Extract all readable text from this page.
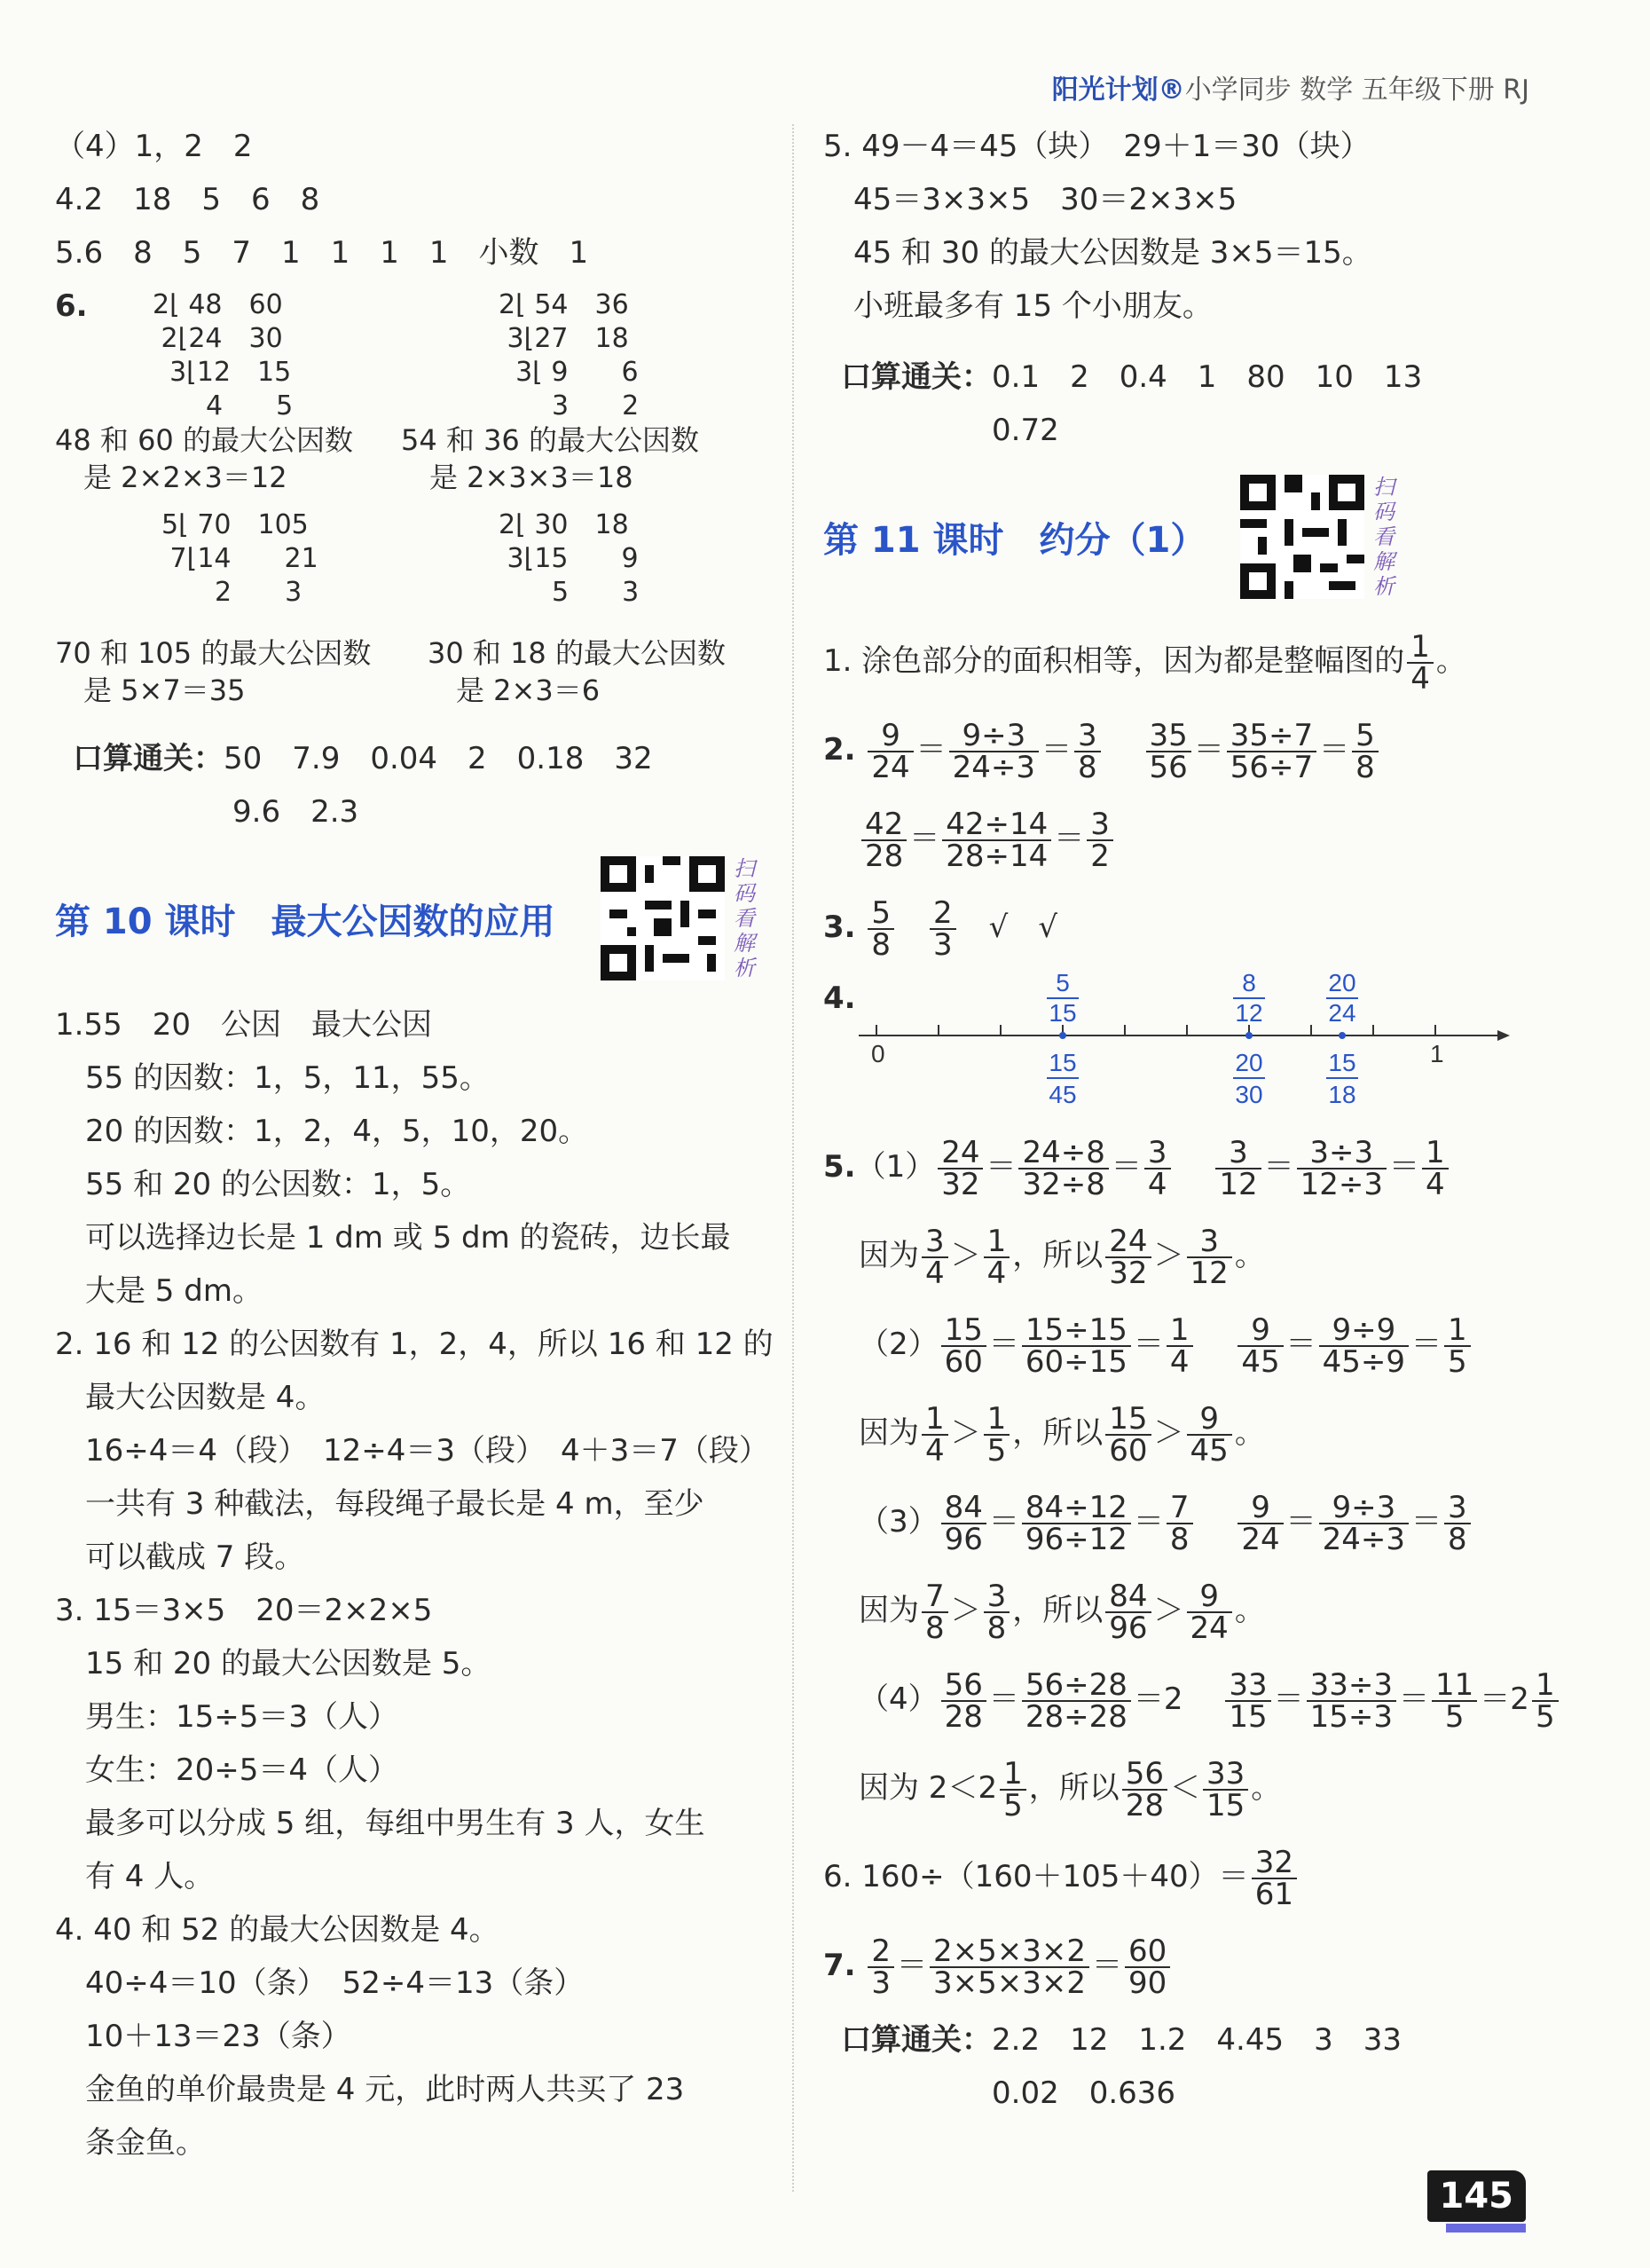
阳光计划®小学同步 数学 五年级下册 RJ
（4）1，2　2
4.2　18　5　6　8
5.6　8　5　7　1　1　1　1　小数　1
6. 2⌊ 48　60
2⌊24　30
3⌊12　15
　　4　　5
2⌊ 54　36
3⌊27　18
3⌊ 9　　6
　　3　　2
48 和 60 的最大公因数
　是 2×2×3＝12
54 和 36 的最大公因数
　是 2×3×3＝18
5⌊ 70　105
7⌊14　　21
　　2　　3
2⌊ 30　18
3⌊15　　9
　　5　　3
70 和 105 的最大公因数
　是 5×7＝35
30 和 18 的最大公因数
　是 2×3＝6
口算通关：50　7.9　0.04　2　0.18　32
9.6　2.3
第 10 课时　最大公因数的应用
扫
码
看
解
析
1.55　20　公因　最大公因
　55 的因数：1，5，11，55。
　20 的因数：1，2，4，5，10，20。
　55 和 20 的公因数：1，5。
　可以选择边长是 1 dm 或 5 dm 的瓷砖，边长最
　大是 5 dm。
2. 16 和 12 的公因数有 1，2，4，所以 16 和 12 的
　最大公因数是 4。
　16÷4＝4（段）　12÷4＝3（段）　4＋3＝7（段）
　一共有 3 种截法，每段绳子最长是 4 m，至少
　可以截成 7 段。
3. 15＝3×5　20＝2×2×5
　15 和 20 的最大公因数是 5。
　男生：15÷5＝3（人）
　女生：20÷5＝4（人）
　最多可以分成 5 组，每组中男生有 3 人，女生
　有 4 人。
4. 40 和 52 的最大公因数是 4。
　40÷4＝10（条）　52÷4＝13（条）
　10＋13＝23（条）
　金鱼的单价最贵是 4 元，此时两人共买了 23
　条金鱼。
5. 49－4＝45（块）　29＋1＝30（块）
　45＝3×3×5　30＝2×3×5
　45 和 30 的最大公因数是 3×5＝15。
　小班最多有 15 个小朋友。
口算通关：0.1　2　0.4　1　80　10　13
0.72
第 11 课时　约分（1）
扫
码
看
解
析
1. 涂色部分的面积相等，因为都是整幅图的 $\frac{1}{4}$ 。
2. $\frac{9}{24} = \frac{9\div 3}{24\div 3} = \frac{3}{8}$
　 $\frac{35}{56} = \frac{35\div 7}{56\div 7} = \frac{5}{8}$
$\frac{42}{28} = \frac{42\div 14}{28\div 14} = \frac{3}{2}$
3. $\frac{5}{8}$
　 $\frac{2}{3}$
　 √　√
4.
0	1
5
15
8
12
20
24
15
45
20
30
15
18
$5.(1) \frac{24}{32} = \frac{24\div 8}{32\div 8} = \frac{3}{4}$
　 $\frac{3}{12} = \frac{3\div 3}{12\div 3} = \frac{1}{4}$
因为 $\frac{3}{4} > \frac{1}{4}$ ，所以 $\frac{24}{32} > \frac{3}{12}$ 。
$(2) \frac{15}{60} = \frac{15\div 15}{60\div 15} = \frac{1}{4}$
　 $\frac{9}{45} = \frac{9\div 9}{45\div 9} = \frac{1}{5}$
因为 $\frac{1}{4} > \frac{1}{5}$ ，所以 $\frac{15}{60} > \frac{9}{45}$ 。
$(3) \frac{84}{96} = \frac{84\div 12}{96\div 12} = \frac{7}{8}$
　 $\frac{9}{24} = \frac{9\div 3}{24\div 3} = \frac{3}{8}$
因为 $\frac{7}{8} > \frac{3}{8}$ ，所以 $\frac{84}{96} > \frac{9}{24}$ 。
$(4) \frac{56}{28} = \frac{56\div 28}{28\div 28} =2$ 　 $\frac{33}{15} = \frac{33\div 3}{15\div 3} = \frac{11}{5} =2 \frac{1}{5}$
因为 $2<2 \frac{1}{5}$ ，所以 $\frac{56}{28} < \frac{33}{15}$ 。
6. $160\div(160+105+40)= \frac{32}{61}$
7. $\frac{2}{3} = \frac{2\times 5\times 3\times 2}{3\times 5\times 3\times 2} = \frac{60}{90}$
口算通关：2.2　12　1.2　4.45　3　33
0.02　0.636
145
